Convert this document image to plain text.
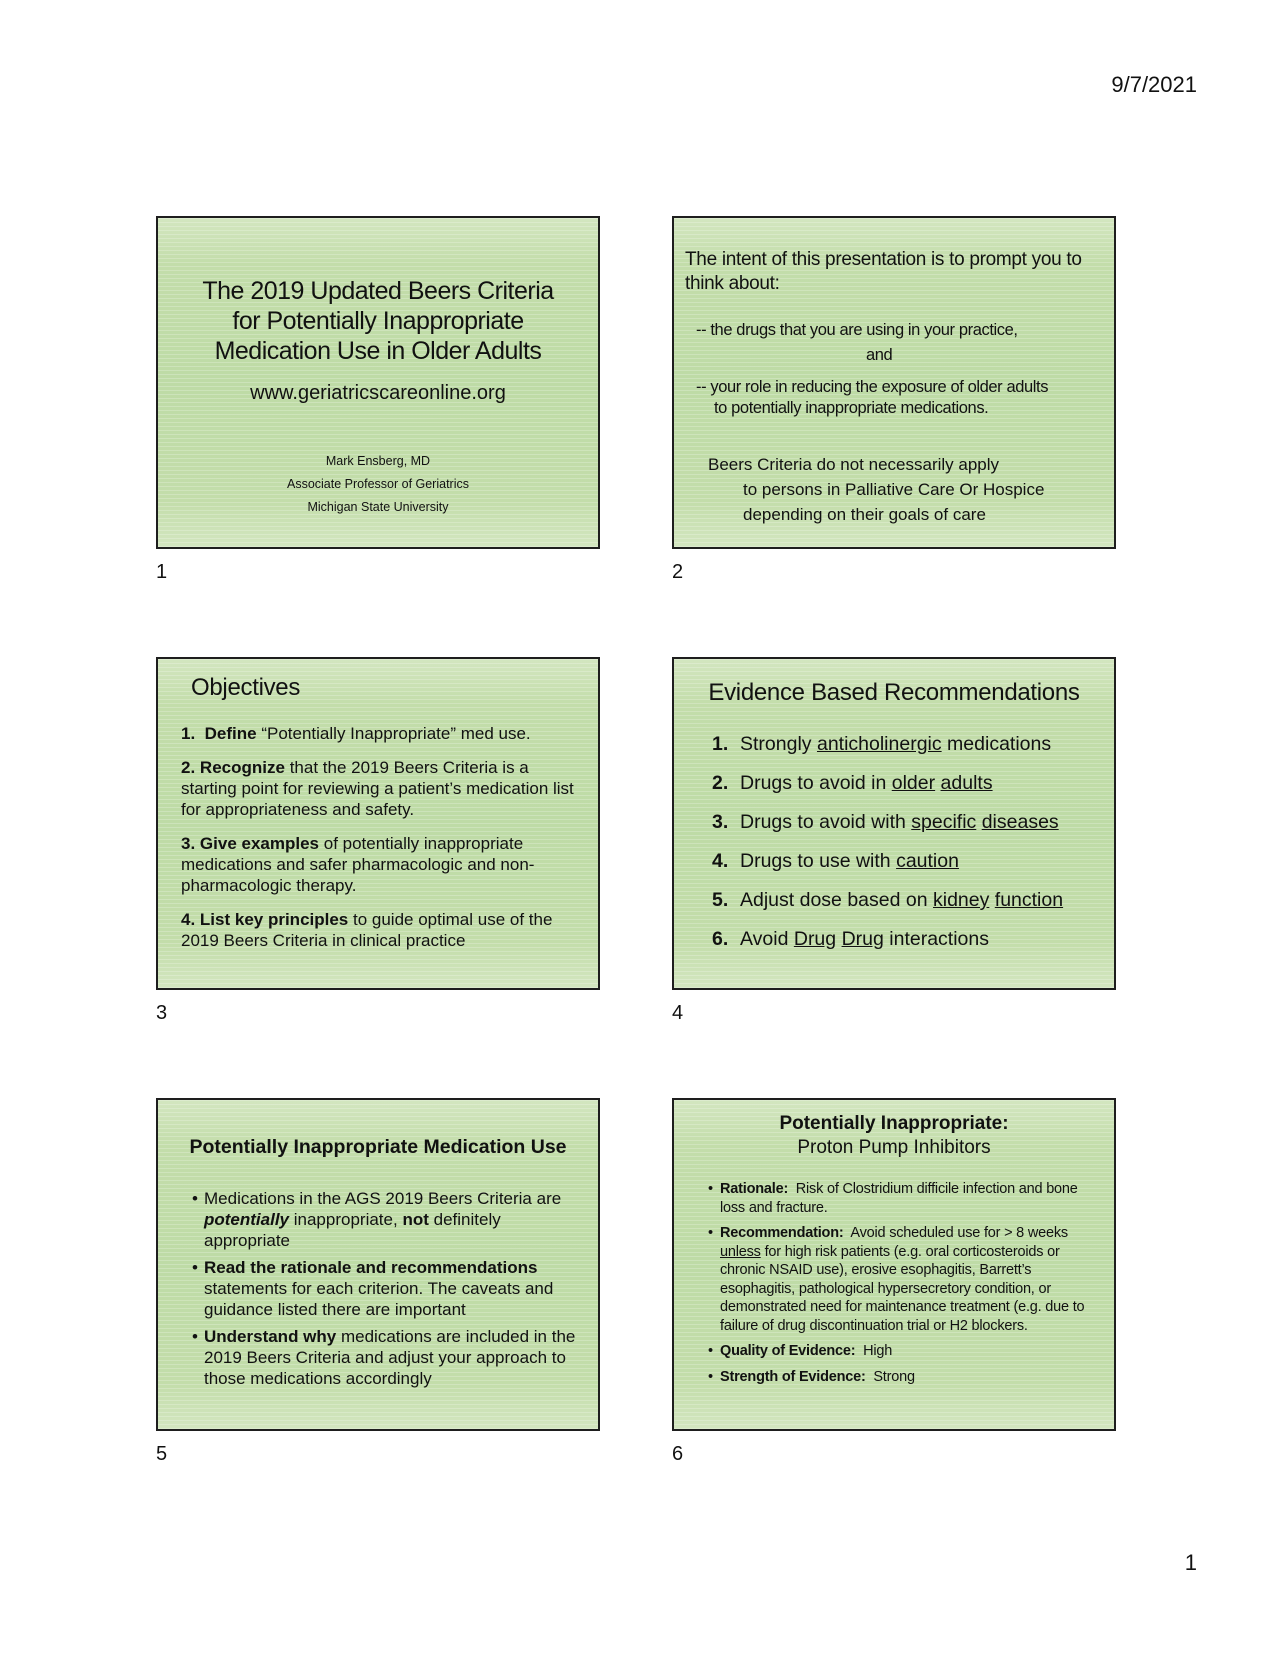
9/7/2021
The 2019 Updated Beers Criteria
for Potentially Inappropriate
Medication Use in Older Adults
www.geriatricscareonline.org
Mark Ensberg, MD
Associate Professor of Geriatrics
Michigan State University
1
The intent of this presentation is to prompt you to think about:
-- the drugs that you are using in your practice,
and
-- your role in reducing the exposure of older adults
to potentially inappropriate medications.
Beers Criteria do not necessarily apply
to persons in Palliative Care Or Hospice
depending on their goals of care
2
Objectives
1. Define “Potentially Inappropriate” med use.
2. Recognize that the 2019 Beers Criteria is a starting point for reviewing a patient’s medication list for appropriateness and safety.
3. Give examples of potentially inappropriate medications and safer pharmacologic and non-pharmacologic therapy.
4. List key principles to guide optimal use of the 2019 Beers Criteria in clinical practice
3
Evidence Based Recommendations
1. Strongly anticholinergic medications
2. Drugs to avoid in older adults
3. Drugs to avoid with specific diseases
4. Drugs to use with caution
5. Adjust dose based on kidney function
6. Avoid Drug Drug interactions
4
Potentially Inappropriate Medication Use
• Medications in the AGS 2019 Beers Criteria are potentially inappropriate, not definitely appropriate
• Read the rationale and recommendations statements for each criterion. The caveats and guidance listed there are important
• Understand why medications are included in the 2019 Beers Criteria and adjust your approach to those medications accordingly
5
Potentially Inappropriate:
Proton Pump Inhibitors
• Rationale: Risk of Clostridium difficile infection and bone loss and fracture.
• Recommendation: Avoid scheduled use for > 8 weeks unless for high risk patients (e.g. oral corticosteroids or chronic NSAID use), erosive esophagitis, Barrett’s esophagitis, pathological hypersecretory condition, or demonstrated need for maintenance treatment (e.g. due to failure of drug discontinuation trial or H2 blockers.
• Quality of Evidence: High
• Strength of Evidence: Strong
6
1
